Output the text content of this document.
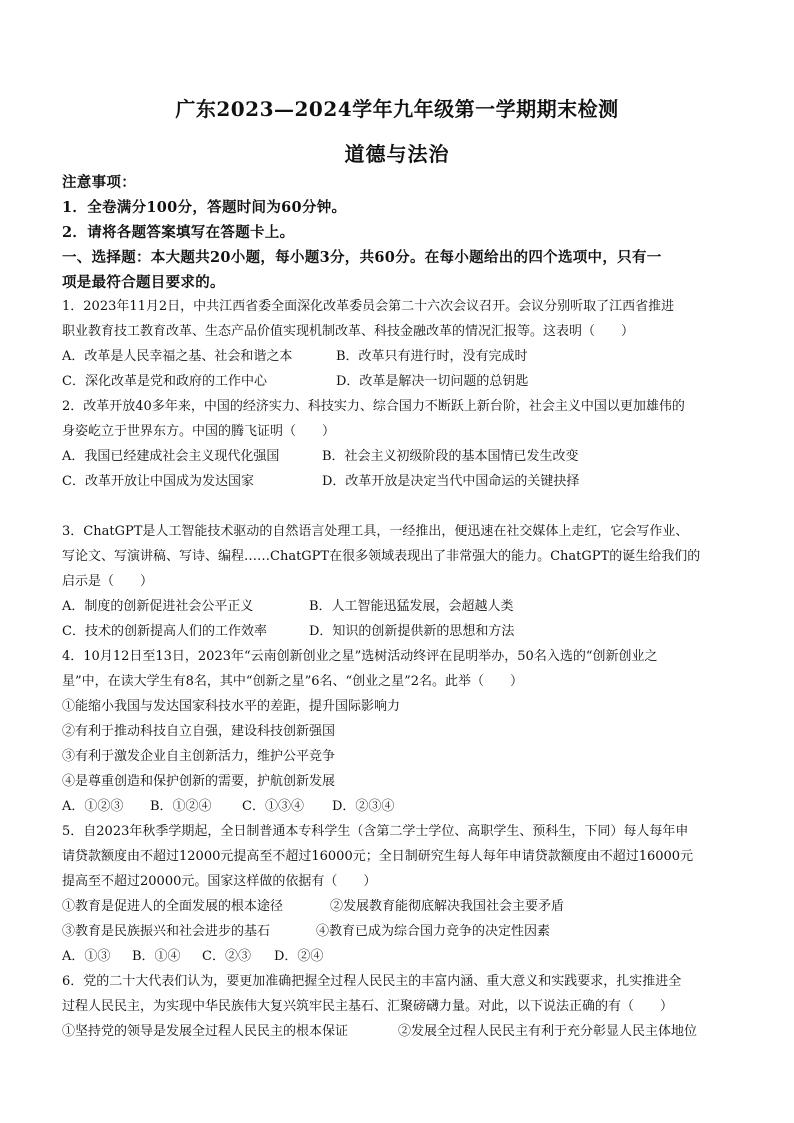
广东2023—2024学年九年级第一学期期末检测
道德与法治
注意事项：
1．全卷满分100分，答题时间为60分钟。
2．请将各题答案填写在答题卡上。
一、选择题：本大题共20小题，每小题3分，共60分。在每小题给出的四个选项中，只有一
项是最符合题目要求的。
1．2023年11月2日，中共江西省委全面深化改革委员会第二十六次会议召开。会议分别听取了江西省推进
职业教育技工教育改革、生态产品价值实现机制改革、科技金融改革的情况汇报等。这表明（　　）
A．改革是人民幸福之基、社会和谐之本	B．改革只有进行时，没有完成时
C．深化改革是党和政府的工作中心	D．改革是解决一切问题的总钥匙
2．改革开放40多年来，中国的经济实力、科技实力、综合国力不断跃上新台阶，社会主义中国以更加雄伟的
身姿屹立于世界东方。中国的腾飞证明（　　）
A．我国已经建成社会主义现代化强国	B．社会主义初级阶段的基本国情已发生改变
C．改革开放让中国成为发达国家	D．改革开放是决定当代中国命运的关键抉择
3．ChatGPT是人工智能技术驱动的自然语言处理工具，一经推出，便迅速在社交媒体上走红，它会写作业、
写论文、写演讲稿、写诗、编程……ChatGPT在很多领域表现出了非常强大的能力。ChatGPT的诞生给我们的
启示是（　　）
A．制度的创新促进社会公平正义	B．人工智能迅猛发展，会超越人类
C．技术的创新提高人们的工作效率	D．知识的创新提供新的思想和方法
4．10月12日至13日，2023年“云南创新创业之星”选树活动终评在昆明举办，50名入选的“创新创业之
星”中，在读大学生有8名，其中“创新之星”6名、“创业之星”2名。此举（　　）
①能缩小我国与发达国家科技水平的差距，提升国际影响力
②有利于推动科技自立自强，建设科技创新强国
③有利于激发企业自主创新活力，维护公平竞争
④是尊重创造和保护创新的需要，护航创新发展
A．①②③ B．①②④ C．①③④ D．②③④
5．自2023年秋季学期起，全日制普通本专科学生（含第二学士学位、高职学生、预科生，下同）每人每年申
请贷款额度由不超过12000元提高至不超过16000元；全日制研究生每人每年申请贷款额度由不超过16000元
提高至不超过20000元。国家这样做的依据有（　　）
①教育是促进人的全面发展的根本途径	②发展教育能彻底解决我国社会主要矛盾
③教育是民族振兴和社会进步的基石	④教育已成为综合国力竞争的决定性因素
A．①③ B．①④ C．②③ D．②④
6．党的二十大代表们认为，要更加准确把握全过程人民民主的丰富内涵、重大意义和实践要求，扎实推进全
过程人民民主，为实现中华民族伟大复兴筑牢民主基石、汇聚磅礴力量。对此，以下说法正确的有（　　）
①坚持党的领导是发展全过程人民民主的根本保证	②发展全过程人民民主有利于充分彰显人民主体地位
